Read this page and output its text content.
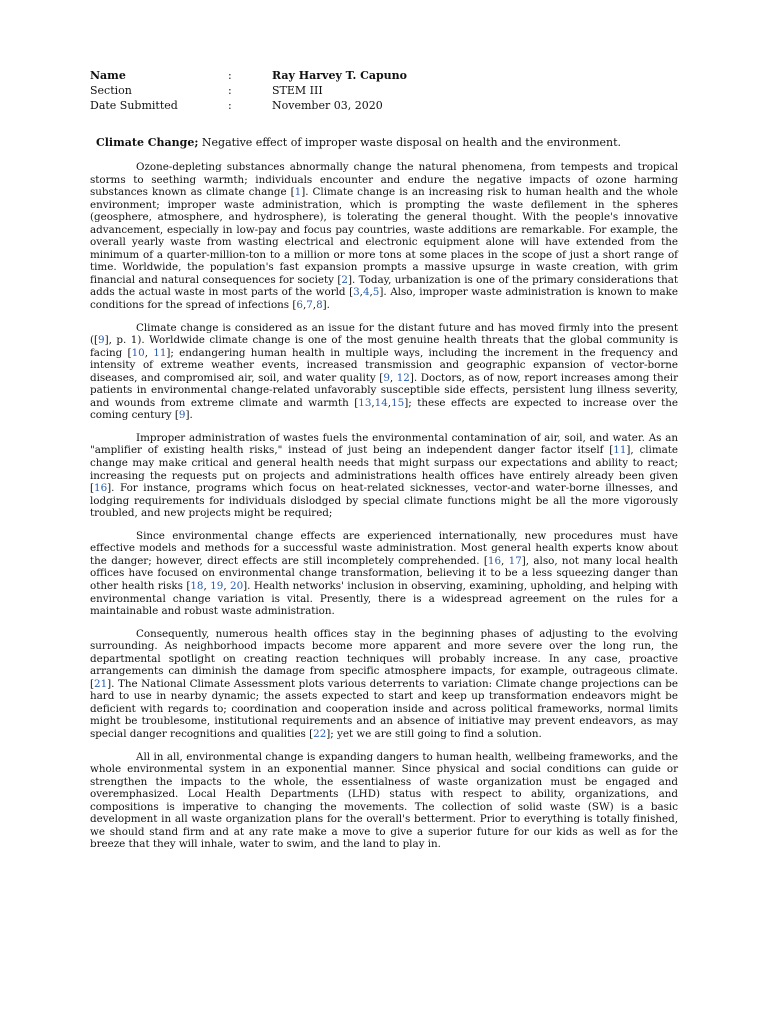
Name	:	Ray Harvey T. Capuno
Section	:	STEM III
Date Submitted	:	November 03, 2020
Climate Change; Negative effect of improper waste disposal on health and the environment.

Ozone-depleting substances abnormally change the natural phenomena, from tempests and tropical storms to seething warmth; individuals encounter and endure the negative impacts of ozone harming substances known as climate change [1]. Climate change is an increasing risk to human health and the whole environment; improper waste administration, which is prompting the waste defilement in the spheres (geosphere, atmosphere, and hydrosphere), is tolerating the general thought. With the people's innovative advancement, especially in low-pay and focus pay countries, waste additions are remarkable. For example, the overall yearly waste from wasting electrical and electronic equipment alone will have extended from the minimum of a quarter-million-ton to a million or more tons at some places in the scope of just a short range of time. Worldwide, the population's fast expansion prompts a massive upsurge in waste creation, with grim financial and natural consequences for society [2]. Today, urbanization is one of the primary considerations that adds the actual waste in most parts of the world [3,4,5]. Also, improper waste administration is known to make conditions for the spread of infections [6,7,8].

Climate change is considered as an issue for the distant future and has moved firmly into the present ([9], p. 1). Worldwide climate change is one of the most genuine health threats that the global community is facing [10, 11]; endangering human health in multiple ways, including the increment in the frequency and intensity of extreme weather events, increased transmission and geographic expansion of vector-borne diseases, and compromised air, soil, and water quality [9, 12]. Doctors, as of now, report increases among their patients in environmental change-related unfavorably susceptible side effects, persistent lung illness severity, and wounds from extreme climate and warmth [13,14,15]; these effects are expected to increase over the coming century [9].

Improper administration of wastes fuels the environmental contamination of air, soil, and water. As an "amplifier of existing health risks," instead of just being an independent danger factor itself [11], climate change may make critical and general health needs that might surpass our expectations and ability to react; increasing the requests put on projects and administrations health offices have entirely already been given [16]. For instance, programs which focus on heat-related sicknesses, vector-and water-borne illnesses, and lodging requirements for individuals dislodged by special climate functions might be all the more vigorously troubled, and new projects might be required;

Since environmental change effects are experienced internationally, new procedures must have effective models and methods for a successful waste administration. Most general health experts know about the danger; however, direct effects are still incompletely comprehended. [16, 17], also, not many local health offices have focused on environmental change transformation, believing it to be a less squeezing danger than other health risks [18, 19, 20]. Health networks' inclusion in observing, examining, upholding, and helping with environmental change variation is vital. Presently, there is a widespread agreement on the rules for a maintainable and robust waste administration.

Consequently, numerous health offices stay in the beginning phases of adjusting to the evolving surrounding. As neighborhood impacts become more apparent and more severe over the long run, the departmental spotlight on creating reaction techniques will probably increase. In any case, proactive arrangements can diminish the damage from specific atmosphere impacts, for example, outrageous climate. [21]. The National Climate Assessment plots various deterrents to variation: Climate change projections can be hard to use in nearby dynamic; the assets expected to start and keep up transformation endeavors might be deficient with regards to; coordination and cooperation inside and across political frameworks, normal limits might be troublesome, institutional requirements and an absence of initiative may prevent endeavors, as may special danger recognitions and qualities [22]; yet we are still going to find a solution.

All in all, environmental change is expanding dangers to human health, wellbeing frameworks, and the whole environmental system in an exponential manner. Since physical and social conditions can guide or strengthen the impacts to the whole, the essentialness of waste organization must be engaged and overemphasized. Local Health Departments (LHD) status with respect to ability, organizations, and compositions is imperative to changing the movements. The collection of solid waste (SW) is a basic development in all waste organization plans for the overall's betterment. Prior to everything is totally finished, we should stand firm and at any rate make a move to give a superior future for our kids as well as for the breeze that they will inhale, water to swim, and the land to play in.
